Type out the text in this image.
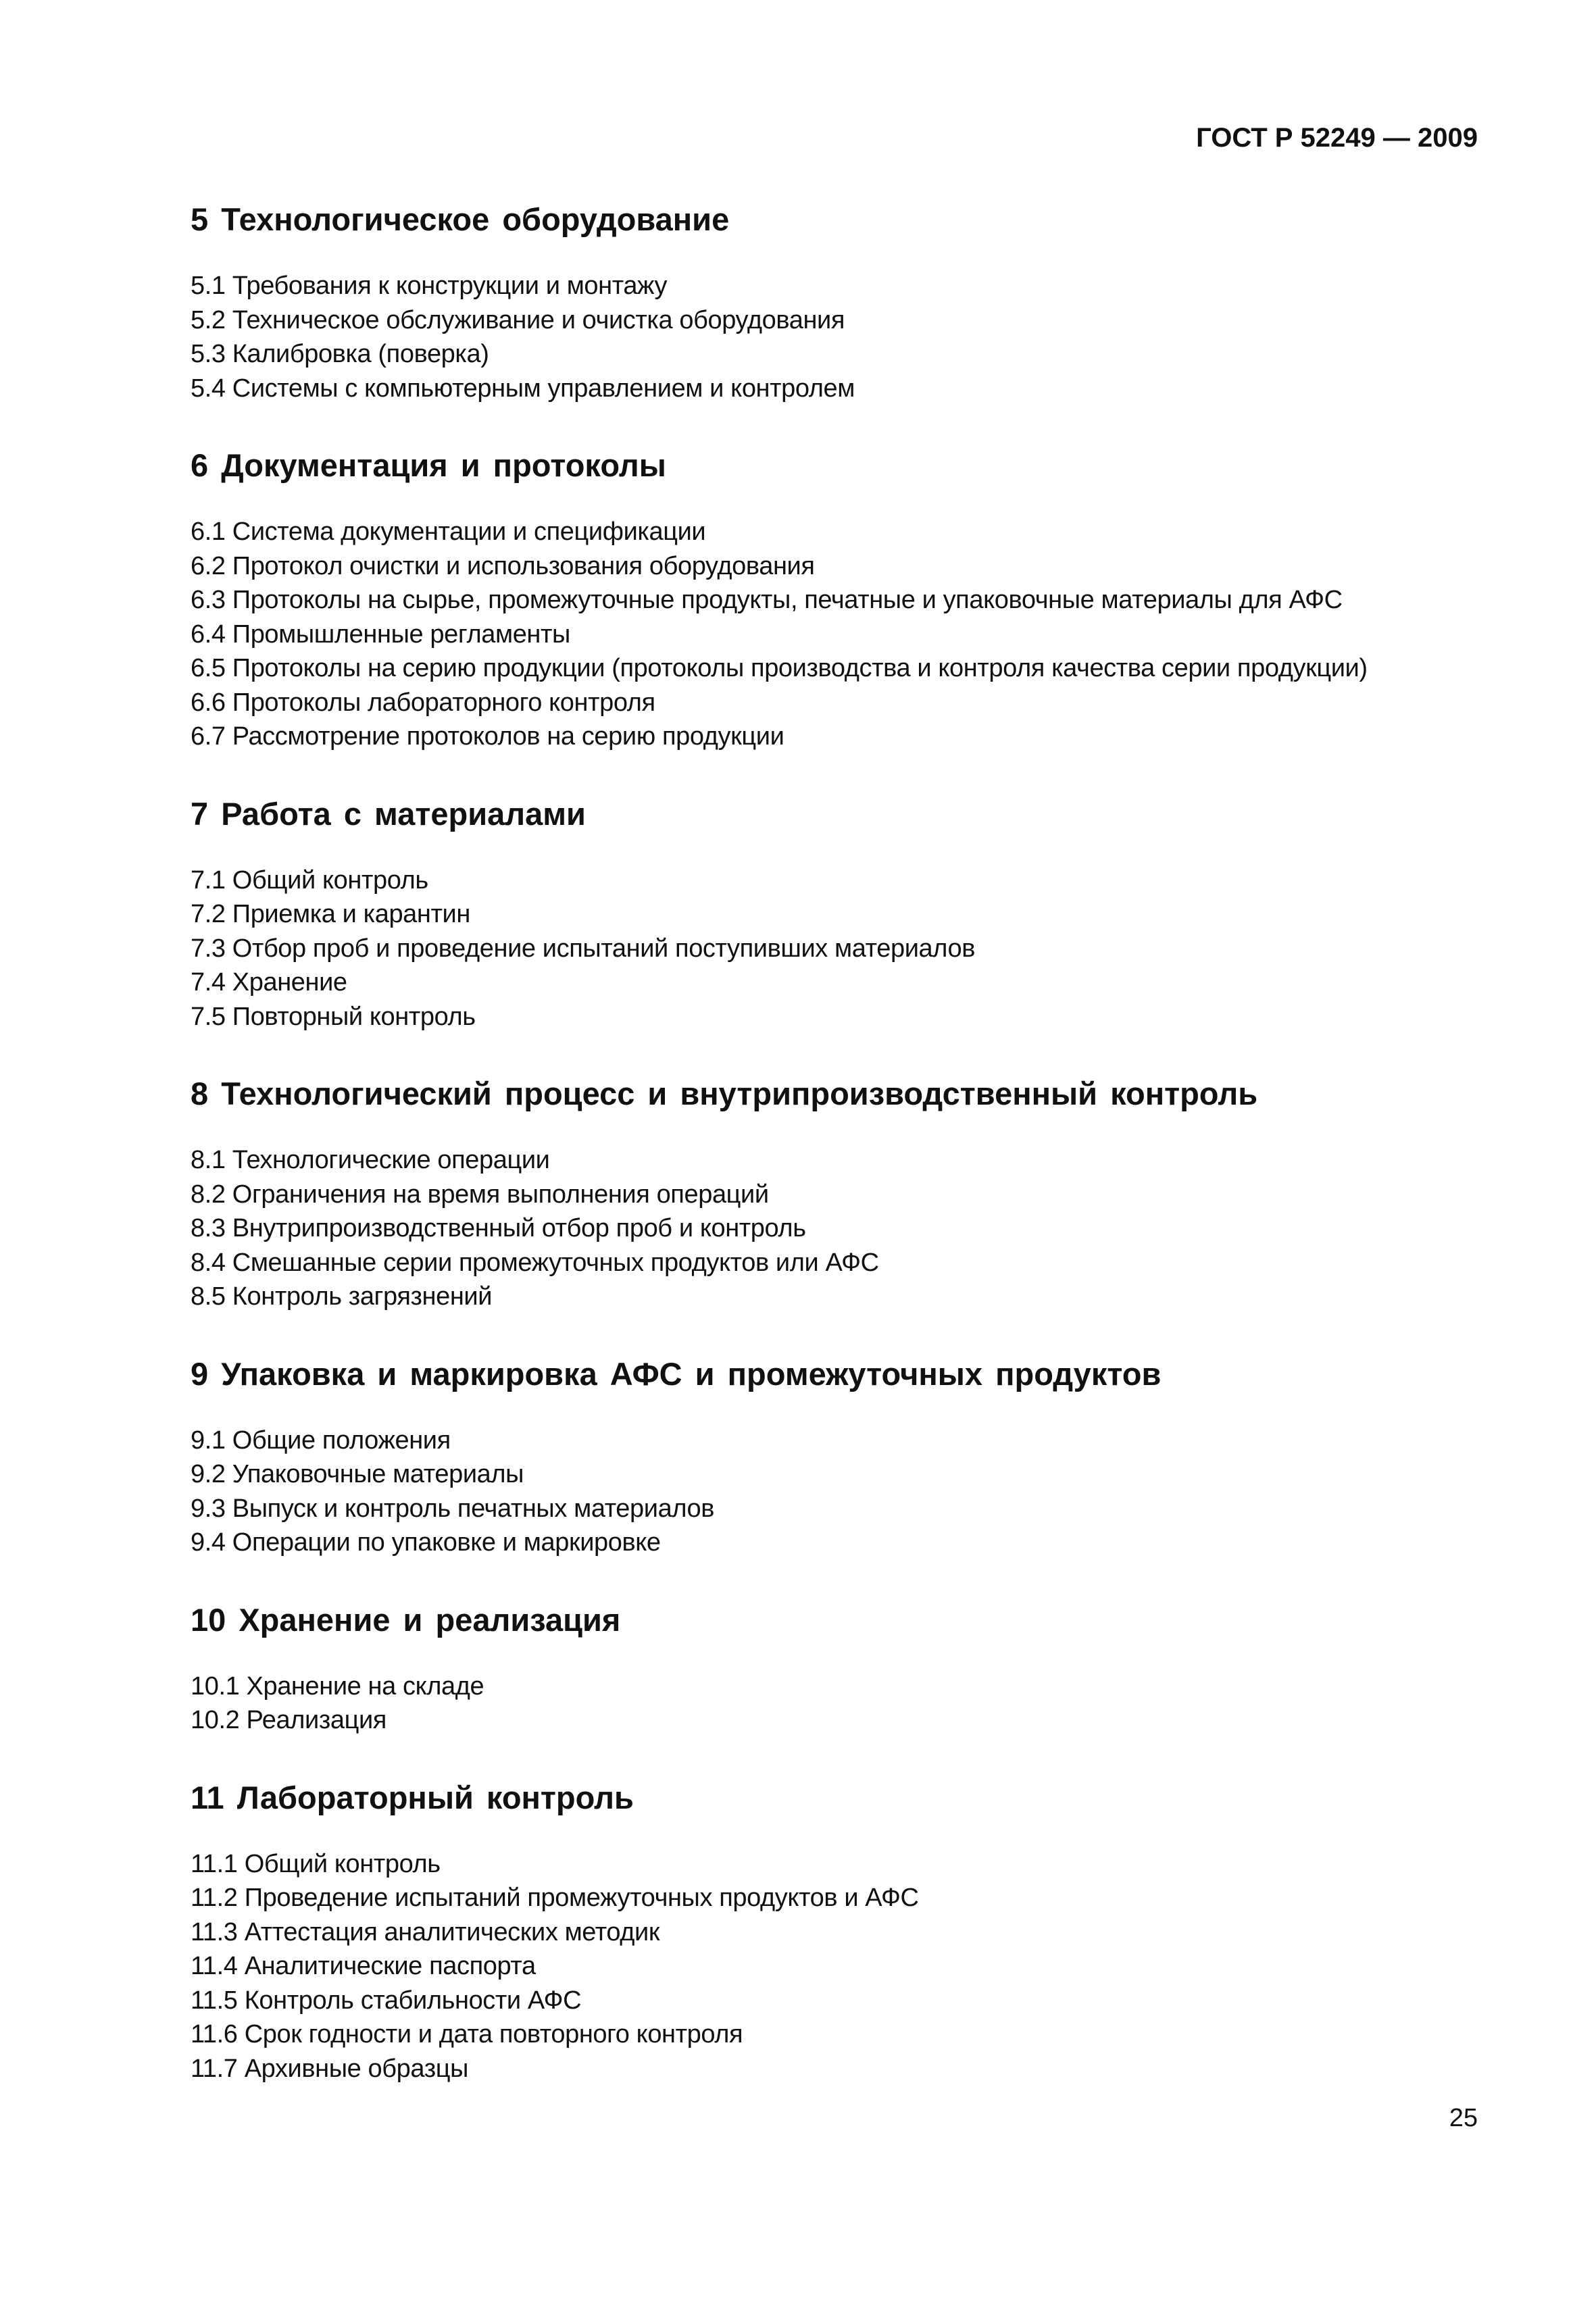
ГОСТ Р 52249 — 2009
5 Технологическое оборудование
5.1 Требования к конструкции и монтажу
5.2 Техническое обслуживание и очистка оборудования
5.3 Калибровка (поверка)
5.4 Системы с компьютерным управлением и контролем
6 Документация и протоколы
6.1 Система документации и спецификации
6.2 Протокол очистки и использования оборудования
6.3 Протоколы на сырье, промежуточные продукты, печатные и упаковочные материалы для АФС
6.4 Промышленные регламенты
6.5 Протоколы на серию продукции (протоколы производства и контроля качества серии продукции)
6.6 Протоколы лабораторного контроля
6.7 Рассмотрение протоколов на серию продукции
7 Работа с материалами
7.1 Общий контроль
7.2 Приемка и карантин
7.3 Отбор проб и проведение испытаний поступивших материалов
7.4 Хранение
7.5 Повторный контроль
8 Технологический процесс и внутрипроизводственный контроль
8.1 Технологические операции
8.2 Ограничения на время выполнения операций
8.3 Внутрипроизводственный отбор проб и контроль
8.4 Смешанные серии промежуточных продуктов или АФС
8.5 Контроль загрязнений
9 Упаковка и маркировка АФС и промежуточных продуктов
9.1 Общие положения
9.2 Упаковочные материалы
9.3 Выпуск и контроль печатных материалов
9.4 Операции по упаковке и маркировке
10 Хранение и реализация
10.1 Хранение на складе
10.2 Реализация
11 Лабораторный контроль
11.1 Общий контроль
11.2 Проведение испытаний промежуточных продуктов и АФС
11.3 Аттестация аналитических методик
11.4 Аналитические паспорта
11.5 Контроль стабильности АФС
11.6 Срок годности и дата повторного контроля
11.7 Архивные образцы
25
